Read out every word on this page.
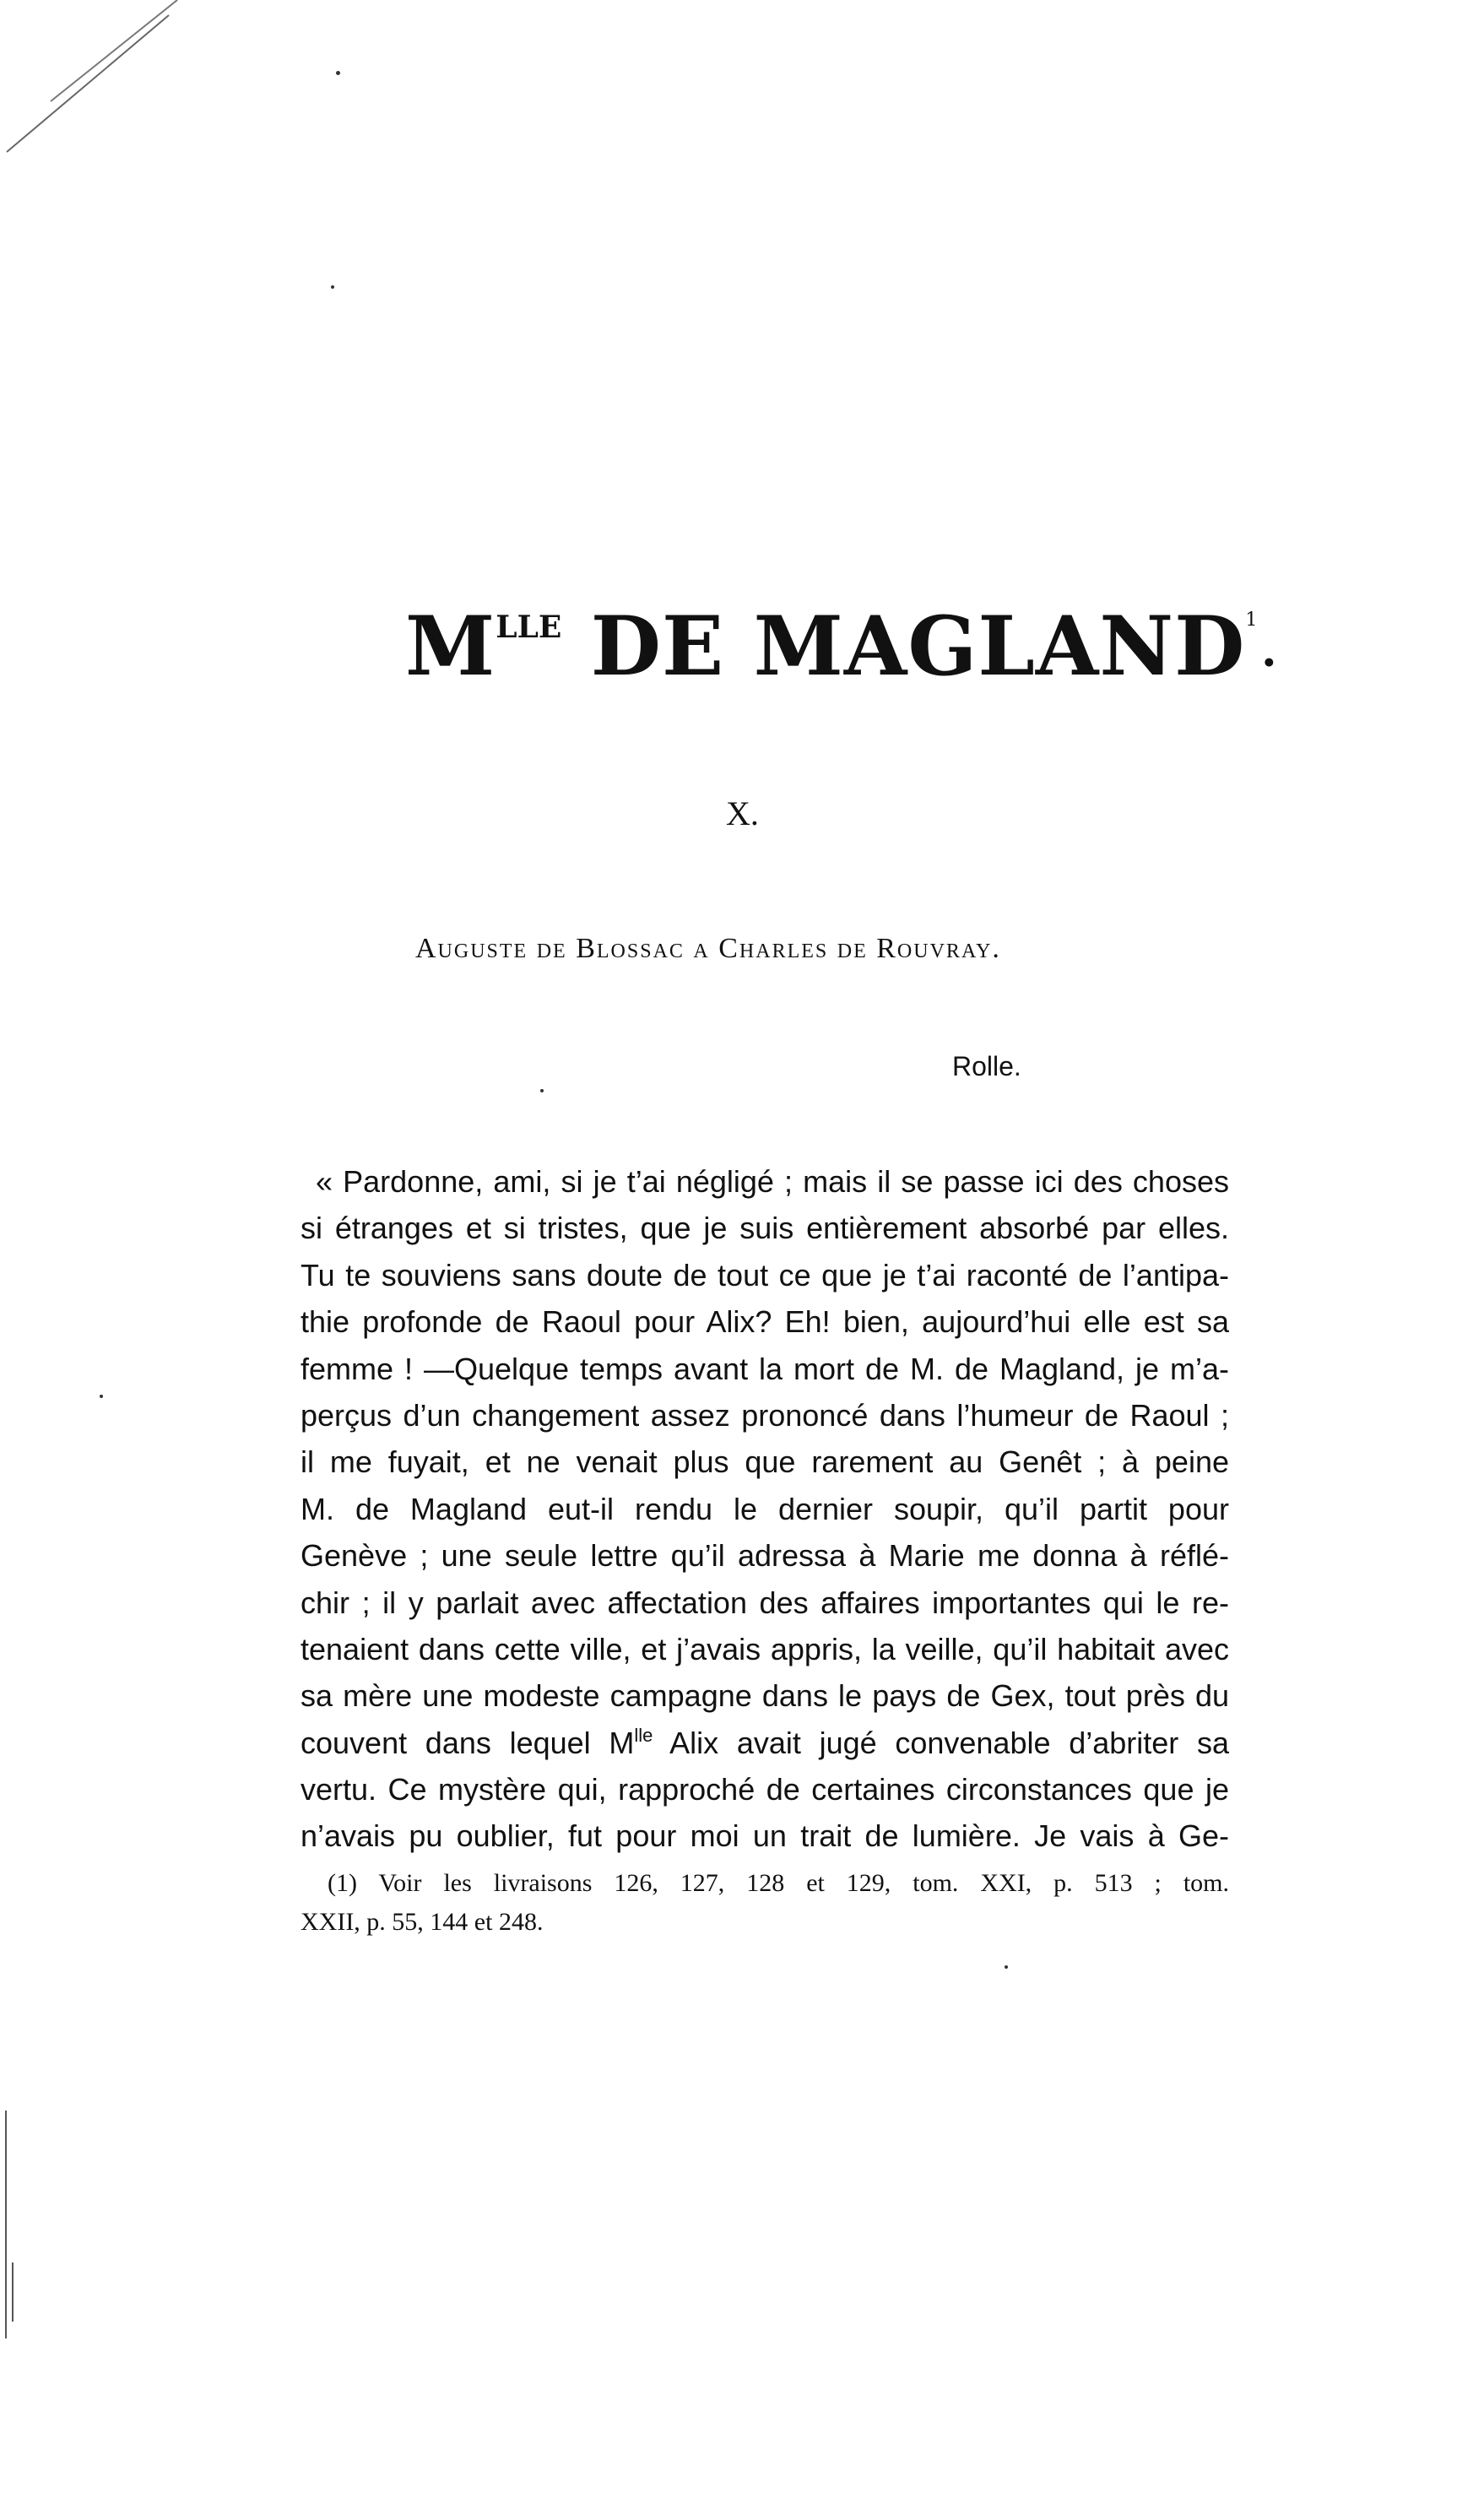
$M^{LLE}$ DE MAGLAND$^1$•
X.
Auguste de Blossac a Charles de Rouvray.
Rolle.
« Pardonne, ami, si je t’ai négligé ; mais il se passe ici des choses
si étranges et si tristes, que je suis entièrement absorbé par elles.
Tu te souviens sans doute de tout ce que je t’ai raconté de l’antipa-
thie profonde de Raoul pour Alix? Eh! bien, aujourd’hui elle est sa
femme ! —Quelque temps avant la mort de M. de Magland, je m’a-
perçus d’un changement assez prononcé dans l’humeur de Raoul ;
il me fuyait, et ne venait plus que rarement au Genêt ; à peine
M. de Magland eut-il rendu le dernier soupir, qu’il partit pour
Genève ; une seule lettre qu’il adressa à Marie me donna à réflé-
chir ; il y parlait avec affectation des affaires importantes qui le re-
tenaient dans cette ville, et j’avais appris, la veille, qu’il habitait avec
sa mère une modeste campagne dans le pays de Gex, tout près du
couvent dans lequel $M^{lle}$ Alix avait jugé convenable d’abriter sa
vertu. Ce mystère qui, rapproché de certaines circonstances que je
n’avais pu oublier, fut pour moi un trait de lumière. Je vais à Ge-
(1) Voir les livraisons 126, 127, 128 et 129, tom. XXI, p. 513 ; tom.
XXII, p. 55, 144 et 248.
